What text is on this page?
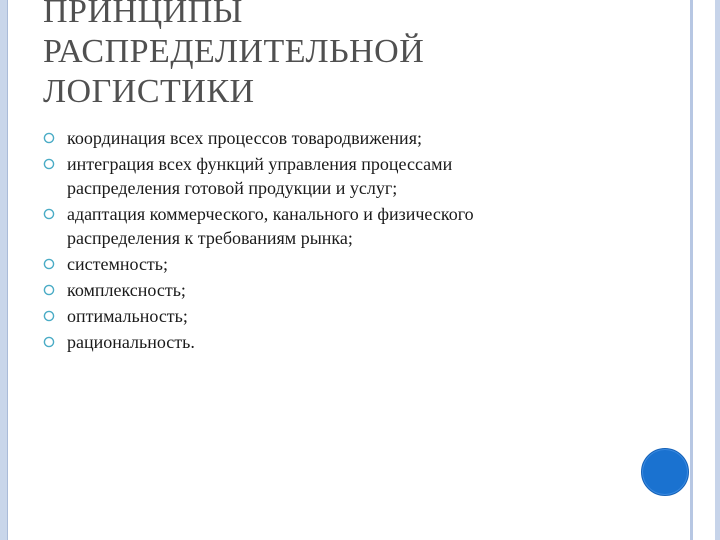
ПРИНЦИПЫ
РАСПРЕДЕЛИТЕЛЬНОЙ
ЛОГИСТИКИ
координация всех процессов товародвижения;
интеграция всех функций управления процессами
распределения готовой продукции и услуг;
адаптация коммерческого, канального и физического
распределения к требованиям рынка;
системность;
комплексность;
оптимальность;
рациональность.
